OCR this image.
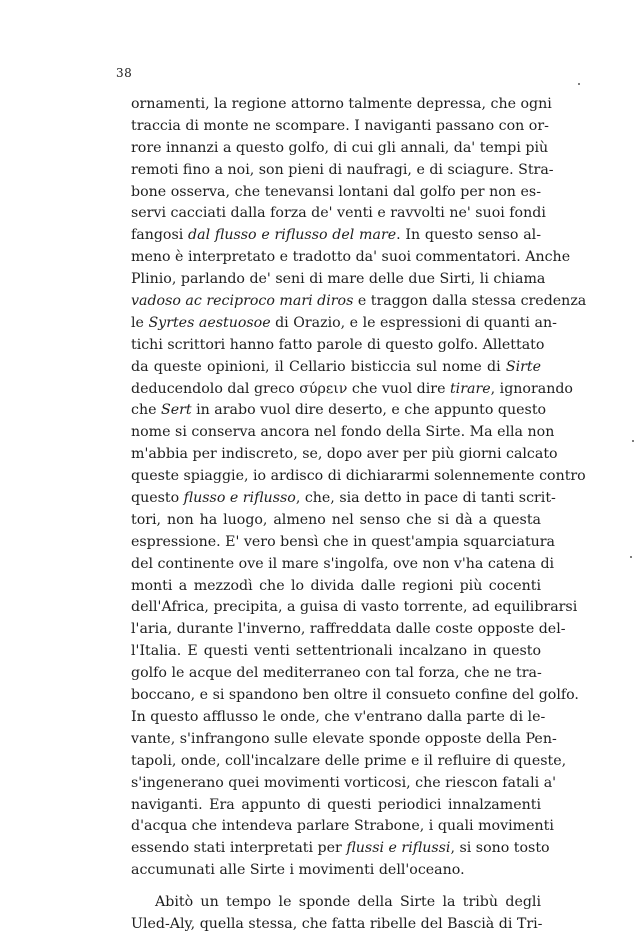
38
ornamenti, la regione attorno talmente depressa, che ogni
traccia di monte ne scompare. I naviganti passano con or-
rore innanzi a questo golfo, di cui gli annali, da' tempi più
remoti fino a noi, son pieni di naufragi, e di sciagure. Stra-
bone osserva, che tenevansi lontani dal golfo per non es-
servi cacciati dalla forza de' venti e ravvolti ne' suoi fondi
fangosi dal flusso e riflusso del mare. In questo senso al-
meno è interpretato e tradotto da' suoi commentatori. Anche
Plinio, parlando de' seni di mare delle due Sirti, li chiama
vadoso ac reciproco mari diros e traggon dalla stessa credenza
le Syrtes aestuosoe di Orazio, e le espressioni di quanti an-
tichi scrittori hanno fatto parole di questo golfo. Allettato
da queste opinioni, il Cellario bisticcia sul nome di Sirte
deducendolo dal greco σύρειν che vuol dire tirare, ignorando
che Sert in arabo vuol dire deserto, e che appunto questo
nome si conserva ancora nel fondo della Sirte. Ma ella non
m'abbia per indiscreto, se, dopo aver per più giorni calcato
queste spiaggie, io ardisco di dichiararmi solennemente contro
questo flusso e riflusso, che, sia detto in pace di tanti scrit-
tori, non ha luogo, almeno nel senso che si dà a questa
espressione. E' vero bensì che in quest'ampia squarciatura
del continente ove il mare s'ingolfa, ove non v'ha catena di
monti a mezzodì che lo divida dalle regioni più cocenti
dell'Africa, precipita, a guisa di vasto torrente, ad equilibrarsi
l'aria, durante l'inverno, raffreddata dalle coste opposte del-
l'Italia. E questi venti settentrionali incalzano in questo
golfo le acque del mediterraneo con tal forza, che ne tra-
boccano, e si spandono ben oltre il consueto confine del golfo.
In questo afflusso le onde, che v'entrano dalla parte di le-
vante, s'infrangono sulle elevate sponde opposte della Pen-
tapoli, onde, coll'incalzare delle prime e il refluire di queste,
s'ingenerano quei movimenti vorticosi, che riescon fatali a'
naviganti. Era appunto di questi periodici innalzamenti
d'acqua che intendeva parlare Strabone, i quali movimenti
essendo stati interpretati per flussi e riflussi, si sono tosto
accumunati alle Sirte i movimenti dell'oceano.
Abitò un tempo le sponde della Sirte la tribù degli
Uled-Aly, quella stessa, che fatta ribelle del Bascià di Tri-
